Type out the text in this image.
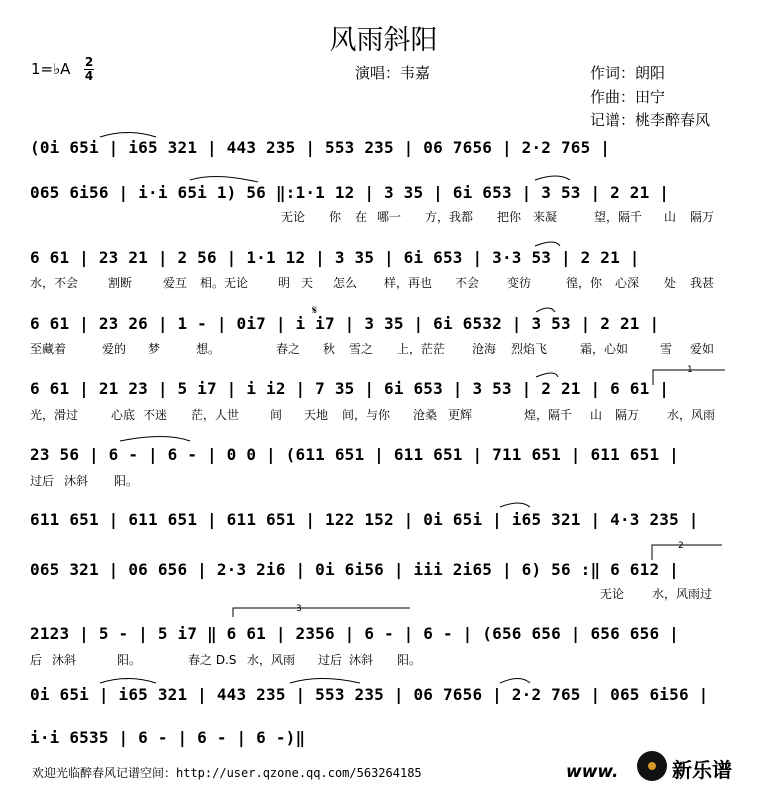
风雨斜阳
1=♭A 2
4	演唱：韦嘉	作词：朗阳
作曲：田宁
记谱：桃李醉春风
(0i 65i | i65 321 | 443 235 | 553 235 | 06 7656 | 2·2 765 |
065 6i56 | i·i 65i 1) 56 ‖:1·1 12 | 3 35 | 6i 653 | 3 53 | 2 21 |
6 61 | 23 21 | 2 56 | 1·1 12 | 3 35 | 6i 653 | 3·3 53 | 2 21 |
6 61 | 23 26 | 1 - | 0i7 | i i7 | 3 35 | 6i 6532 | 3 53 | 2 21 |
6 61 | 21 23 | 5 i7 | i i2 | 7 35 | 6i 653 | 3 53 | 2 21 | 6 61 |
23 56 | 6 - | 6 - | 0 0 | (611 651 | 611 651 | 711 651 | 611 651 |
611 651 | 611 651 | 611 651 | 122 152 | 0i 65i | i65 321 | 4·3 235 |
065 321 | 06 656 | 2·3 2i6 | 0i 6i56 | iii 2i65 | 6) 56 :‖ 6 612 |
2123 | 5 - | 5 i7 ‖ 6 61 | 2356 | 6 - | 6 - | (656 656 | 656 656 |
0i 65i | i65 321 | 443 235 | 553 235 | 06 7656 | 2·2 765 | 065 6i56 |
i·i 6535 | 6 - | 6 - | 6 -)‖
无论 你 在 哪一 方，我都 把你 来凝	望，隔千 山 隔万
水，不会 割断	爱互 相。无论 明 天 怎么 样，再也 不会 变彷	徨，你 心深 处 我甚
至藏着	爱的 梦	想。	春之 秋 雪之 上，茫茫 沧海 烈焰飞	霜，心如	雪 爱如
光，滑过	心底 不迷 茫，人世	间 天地 间，与你 沧桑 更辉	煌，隔千 山 隔万 水，风雨
过后 沐斜 阳。
无论 水，风雨过
后 沐斜	阳。	春之 D.S 水，风雨 过后 沐斜 阳。
𝄋
1
2
3
欢迎光临醉春风记谱空间：http://user.qzone.qq.com/563264185	www.	新乐谱
